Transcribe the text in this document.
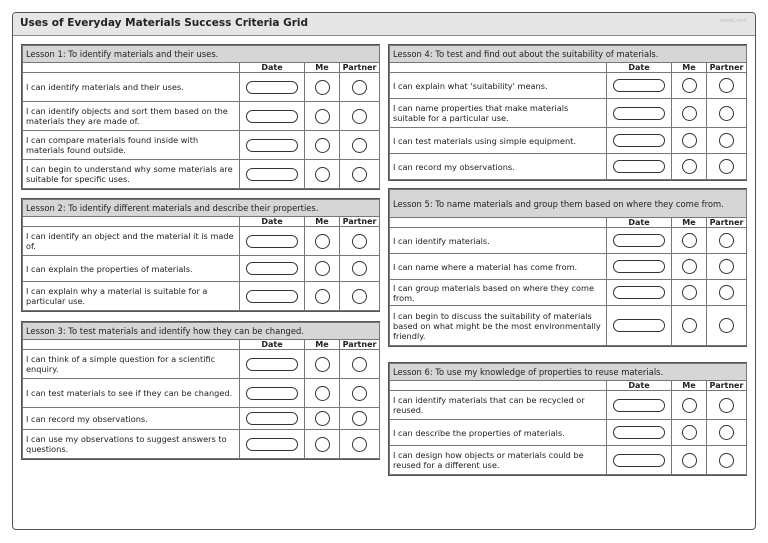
Uses of Everyday Materials Success Criteria Grid	twinkl.com
Lesson 1: To identify materials and their uses.			
	Date	Me	Partner
I can identify materials and their uses.			
I can identify objects and sort them based on the materials they are made of.			
I can compare materials found inside with materials found outside.			
I can begin to understand why some materials are suitable for specific uses.			
Lesson 2: To identify different materials and describe their properties.			
	Date	Me	Partner
I can identify an object and the material it is made of.			
I can explain the properties of materials.			
I can explain why a material is suitable for a particular use.			
Lesson 3: To test materials and identify how they can be changed.			
	Date	Me	Partner
I can think of a simple question for a scientific enquiry.			
I can test materials to see if they can be changed.			
I can record my observations.			
I can use my observations to suggest answers to questions.			
Lesson 4: To test and find out about the suitability of materials.			
	Date	Me	Partner
I can explain what 'suitability' means.			
I can name properties that make materials suitable for a particular use.			
I can test materials using simple equipment.			
I can record my observations.			
Lesson 5: To name materials and group them based on where they come from.			
	Date	Me	Partner
I can identify materials.			
I can name where a material has come from.			
I can group materials based on where they come from.			
I can begin to discuss the suitability of materials based on what might be the most environmentally friendly.			
Lesson 6: To use my knowledge of properties to reuse materials.			
	Date	Me	Partner
I can identify materials that can be recycled or reused.			
I can describe the properties of materials.			
I can design how objects or materials could be reused for a different use.			
